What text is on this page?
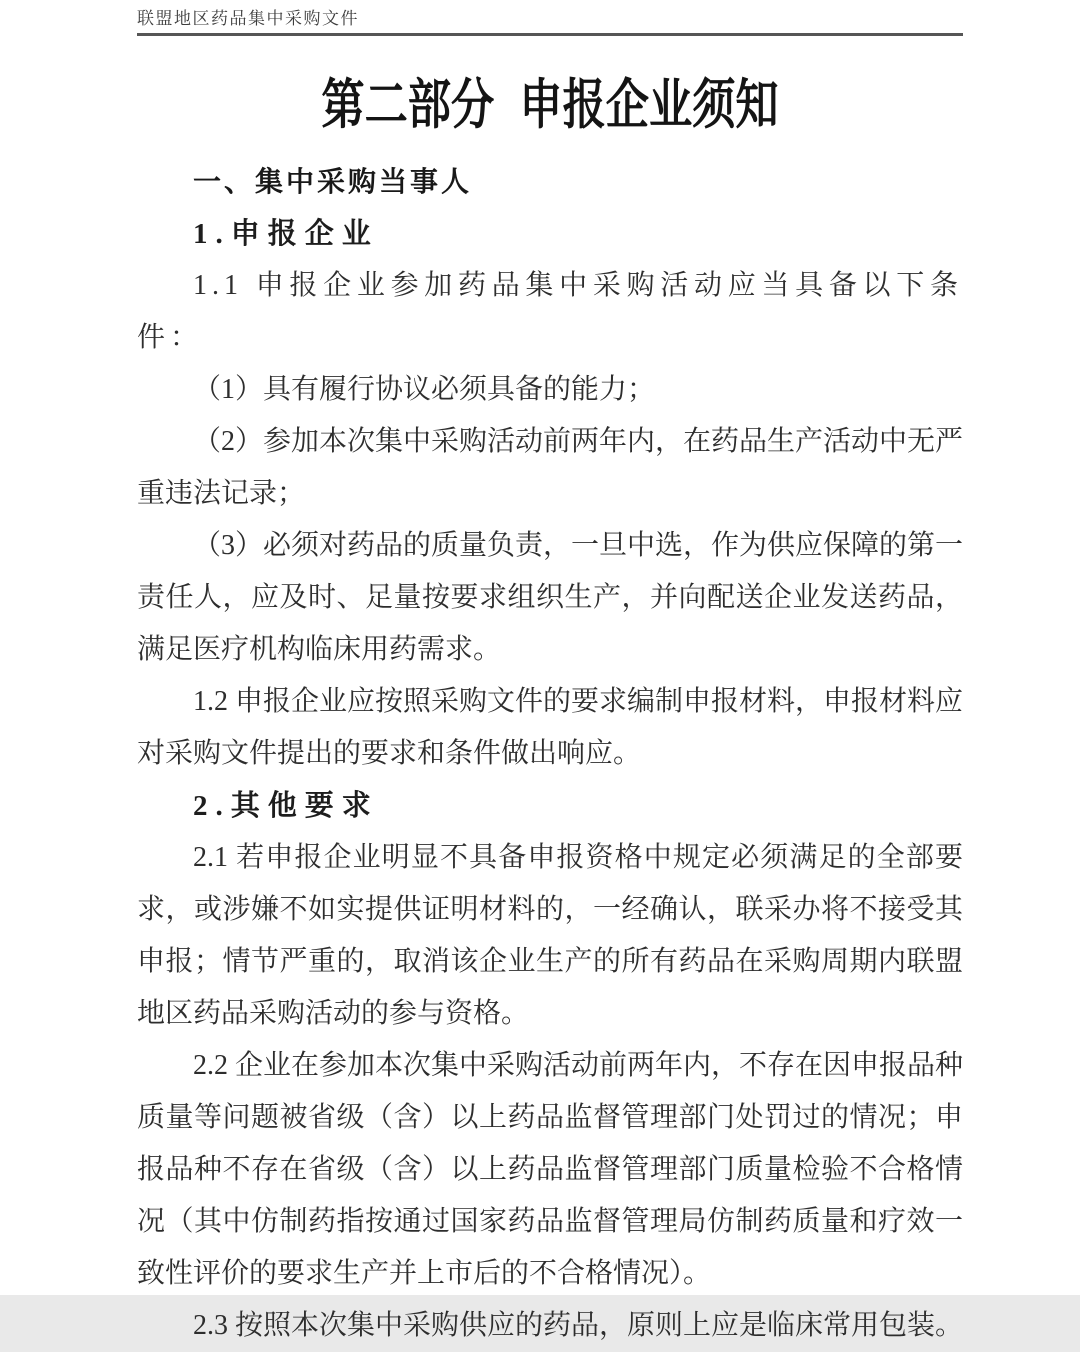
联盟地区药品集中采购文件
第二部分 申报企业须知
一、集中采购当事人
1.申报企业

1.1 申报企业参加药品集中采购活动应当具备以下条件：

（1）具有履行协议必须具备的能力；

（2）参加本次集中采购活动前两年内，在药品生产活动中无严重违法记录；

（3）必须对药品的质量负责，一旦中选，作为供应保障的第一责任人，应及时、足量按要求组织生产，并向配送企业发送药品，满足医疗机构临床用药需求。

1.2 申报企业应按照采购文件的要求编制申报材料，申报材料应对采购文件提出的要求和条件做出响应。

2.其他要求

2.1 若申报企业明显不具备申报资格中规定必须满足的全部要求，或涉嫌不如实提供证明材料的，一经确认，联采办将不接受其申报；情节严重的，取消该企业生产的所有药品在采购周期内联盟地区药品采购活动的参与资格。

2.2 企业在参加本次集中采购活动前两年内，不存在因申报品种质量等问题被省级（含）以上药品监督管理部门处罚过的情况；申报品种不存在省级（含）以上药品监督管理部门质量检验不合格情况（其中仿制药指按通过国家药品监督管理局仿制药质量和疗效一致性评价的要求生产并上市后的不合格情况）。

2.3 按照本次集中采购供应的药品，原则上应是临床常用包装。
